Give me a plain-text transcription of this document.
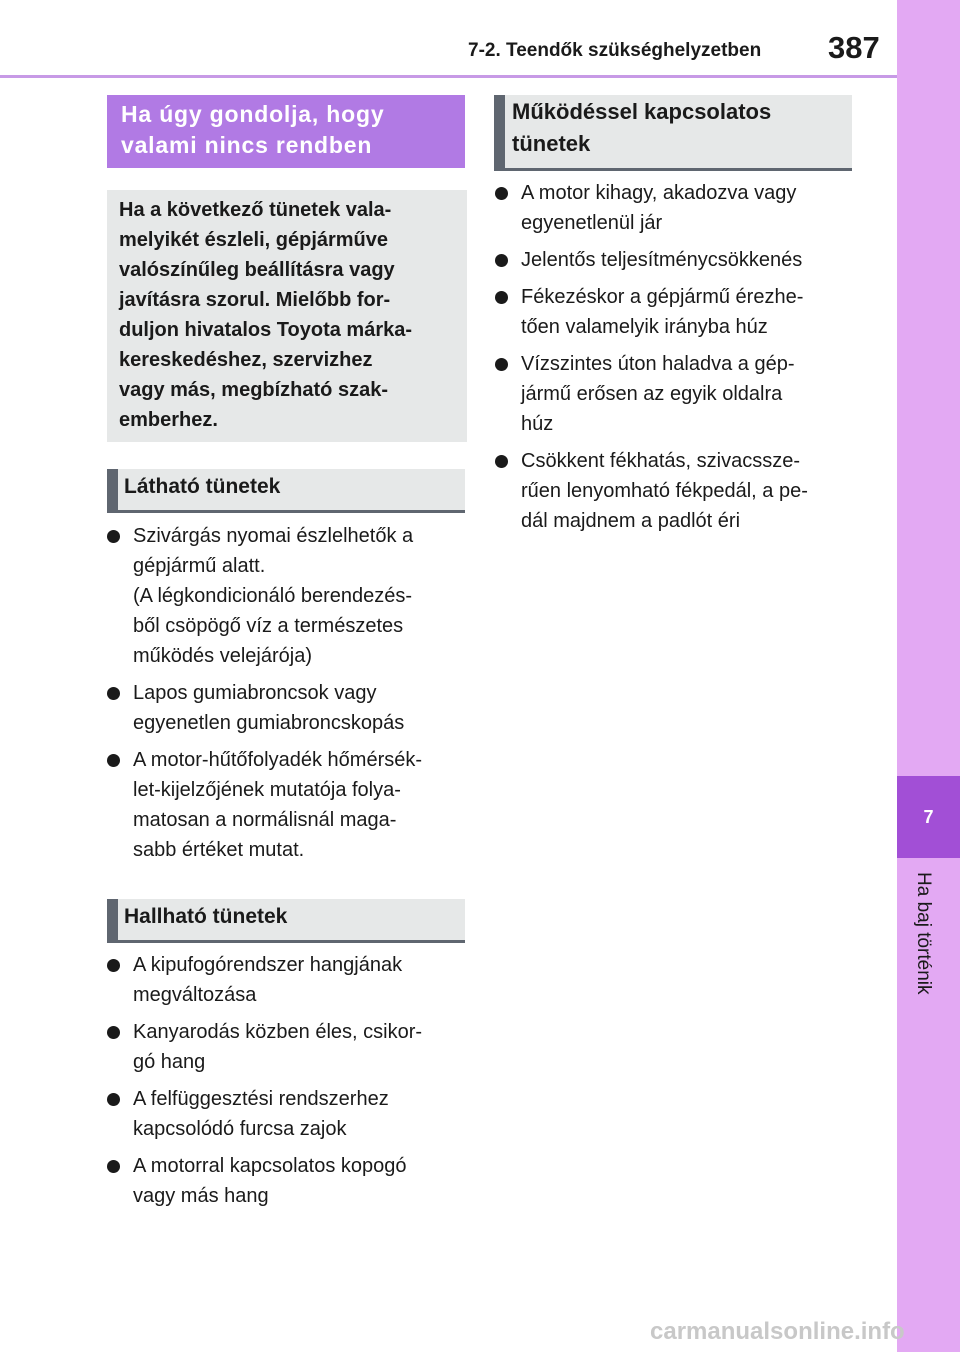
7-2. Teendők szükséghelyzetben 387
7
Ha baj történik
Ha úgy gondolja, hogy
valami nincs rendben
Ha a következő tünetek vala-
melyikét észleli, gépjárműve
valószínűleg beállításra vagy
javításra szorul. Mielőbb for-
duljon hivatalos Toyota márka-
kereskedéshez, szervizhez
vagy más, megbízható szak-
emberhez.
Látható tünetek
Szivárgás nyomai észlelhetők a
gépjármű alatt.
(A légkondicionáló berendezés-
ből csöpögő víz a természetes
működés velejárója)
Lapos gumiabroncsok vagy
egyenetlen gumiabroncskopás
A motor-hűtőfolyadék hőmérsék-
let-kijelzőjének mutatója folya-
matosan a normálisnál maga-
sabb értéket mutat.
Hallható tünetek
A kipufogórendszer hangjának
megváltozása
Kanyarodás közben éles, csikor-
gó hang
A felfüggesztési rendszerhez
kapcsolódó furcsa zajok
A motorral kapcsolatos kopogó
vagy más hang
Működéssel kapcsolatos
tünetek
A motor kihagy, akadozva vagy
egyenetlenül jár
Jelentős teljesítménycsökkenés
Fékezéskor a gépjármű érezhe-
tően valamelyik irányba húz
Vízszintes úton haladva a gép-
jármű erősen az egyik oldalra
húz
Csökkent fékhatás, szivacssze-
rűen lenyomható fékpedál, a pe-
dál majdnem a padlót éri
carmanualsonline.info
